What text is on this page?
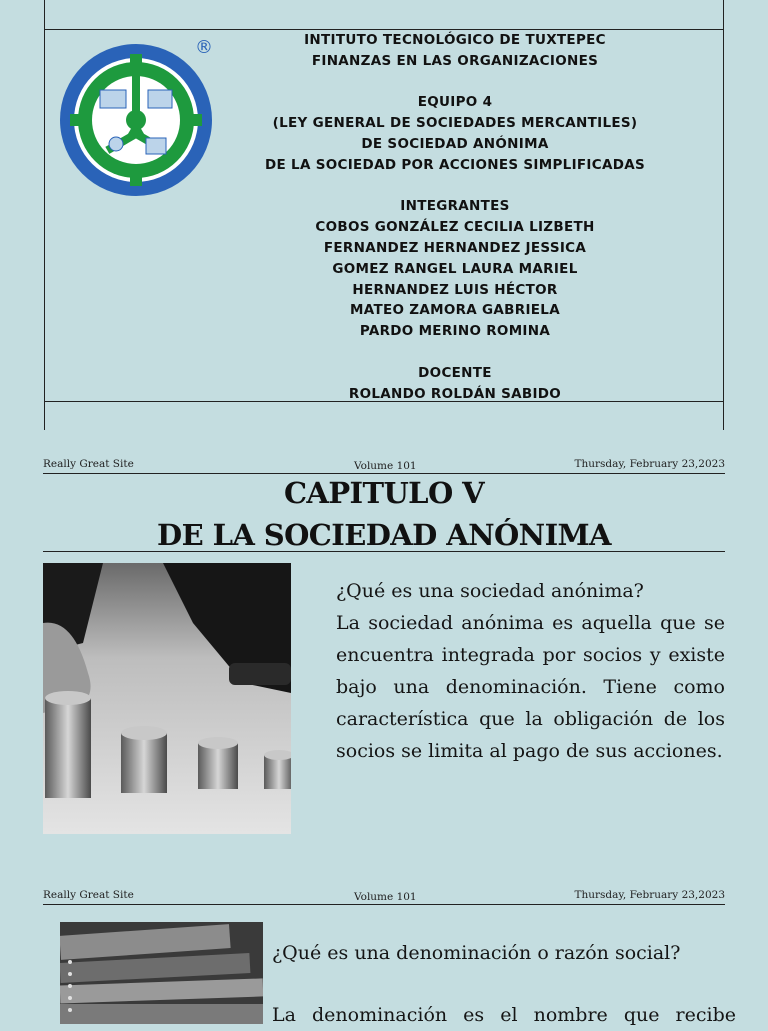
®	INTITUTO TECNOLÓGICO DE TUXTEPEC
FINANZAS EN LAS ORGANIZACIONES
EQUIPO 4
(LEY GENERAL DE SOCIEDADES MERCANTILES)
DE SOCIEDAD ANÓNIMA
DE LA SOCIEDAD POR ACCIONES SIMPLIFICADAS
INTEGRANTES
COBOS GONZÁLEZ CECILIA LIZBETH
FERNANDEZ HERNANDEZ JESSICA
GOMEZ RANGEL LAURA MARIEL
HERNANDEZ LUIS HÉCTOR
MATEO ZAMORA GABRIELA
PARDO MERINO ROMINA
DOCENTE
ROLANDO ROLDÁN SABIDO
Really Great Site	Volume 101	Thursday, February 23,2023
CAPITULO V
DE LA SOCIEDAD ANÓNIMA

¿Qué es una sociedad anónima?

La sociedad anónima es aquella que se encuentra integrada por socios y existe bajo una denominación. Tiene como característica que la obligación de los socios se limita al pago de sus acciones.

Really Great Site	Volume 101	Thursday, February 23,2023

¿Qué es una denominación o razón social?

La denominación es el nombre que recibe
